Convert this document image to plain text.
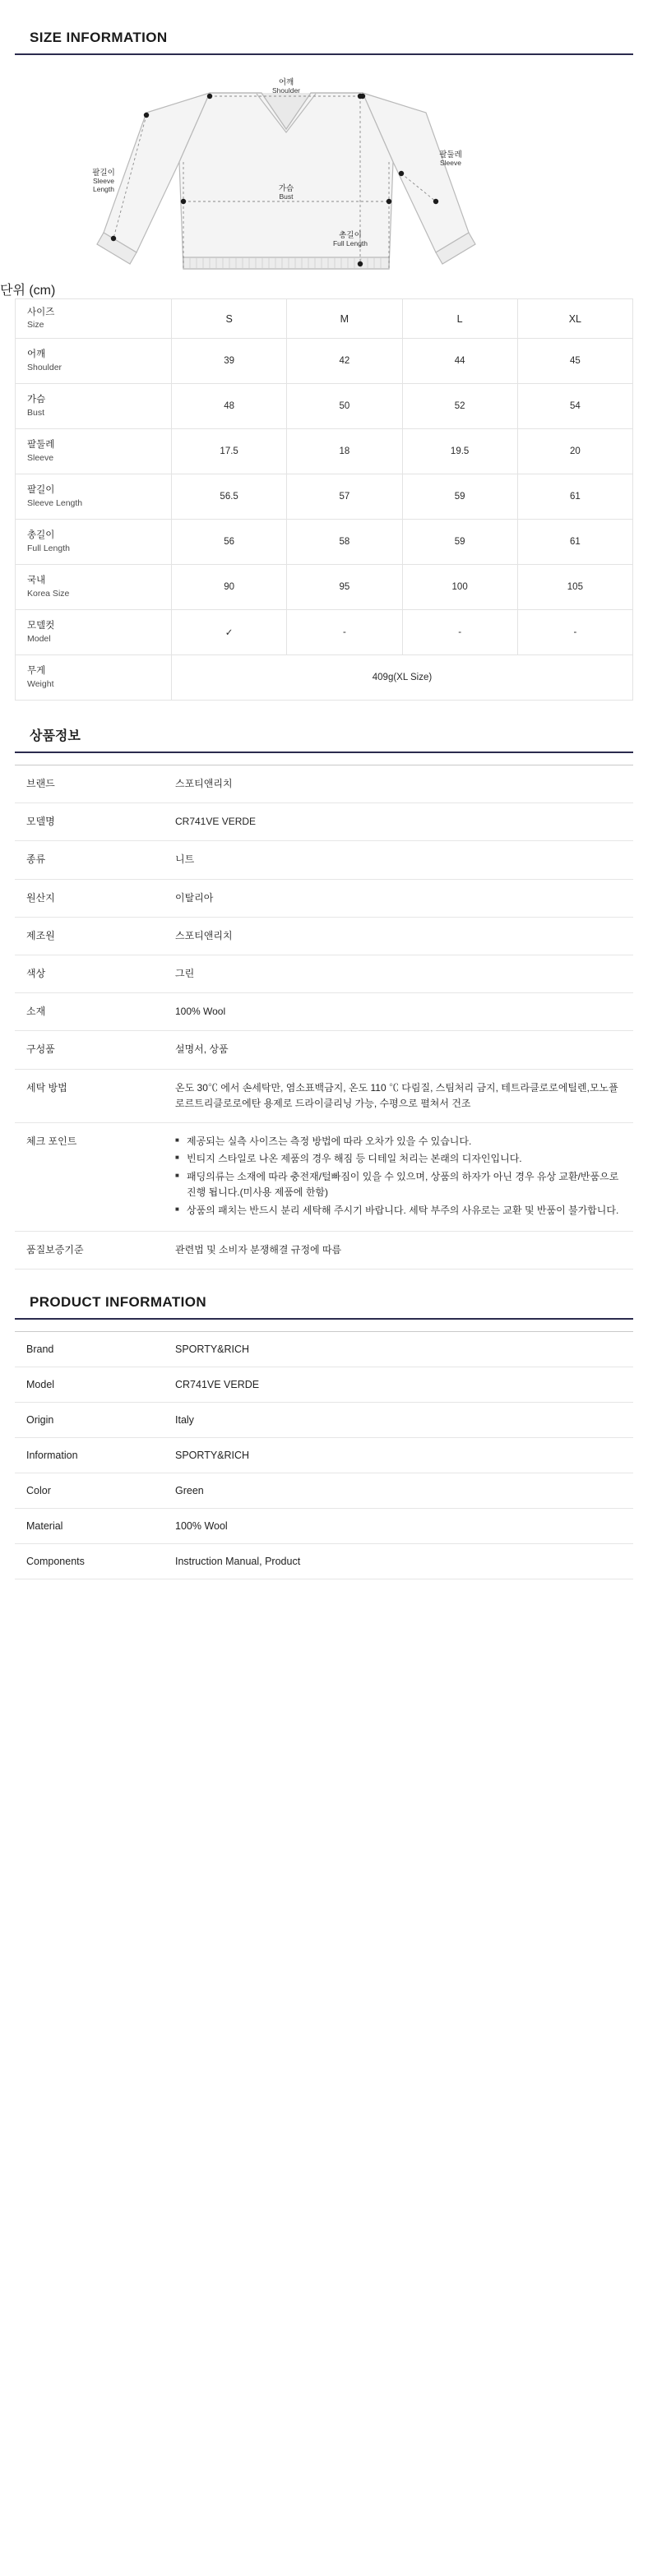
SIZE INFORMATION
어깨
Shoulder
팔둘레
Sleeve
가슴
Bust
팔길이
Sleeve
Length
총길이
Full Length
단위 (cm)
사이즈
Size	S	M	L	XL

어깨
Shoulder	39	42	44	45

가슴
Bust	48	50	52	54

팔둘레
Sleeve	17.5	18	19.5	20

팔길이
Sleeve Length	56.5	57	59	61

총길이
Full Length	56	58	59	61

국내
Korea Size	90	95	100	105

모델컷
Model	✓	-	-	-

무게
Weight	409g(XL Size)			
상품정보
브랜드	스포티앤리치
모델명	CR741VE VERDE
종류	니트
원산지	이탈리아
제조원	스포티앤리치
색상	그린
소재	100% Wool
구성품	설명서, 상품
세탁 방법	온도 30℃ 에서 손세탁만, 염소표백금지, 온도 110 ℃ 다림질, 스팀처리 금지, 테트라클로로에틸렌,모노플로르트리클로로에탄 용제로 드라이클리닝 가능, 수평으로 펼쳐서 건조
체크 포인트	
■제공되는 실측 사이즈는 측정 방법에 따라 오차가 있을 수 있습니다.
■ 빈티지 스타일로 나온 제품의 경우 해짐 등 디테일 처리는 본래의 디자인입니다.
■ 패딩의류는 소재에 따라 충전재/털빠짐이 있을 수 있으며, 상품의 하자가 아닌 경우 유상 교환/반품으로 진행 됩니다.(미사용 제품에 한함)
■ 상품의 패치는 반드시 분리 세탁해 주시기 바랍니다. 세탁 부주의 사유로는 교환 및 반품이 불가합니다.

품질보증기준	관련법 및 소비자 분쟁해결 규정에 따름
PRODUCT INFORMATION
Brand	SPORTY&RICH
Model	CR741VE VERDE
Origin	Italy
Information	SPORTY&RICH
Color	Green
Material	100% Wool
Components	Instruction Manual, Product
